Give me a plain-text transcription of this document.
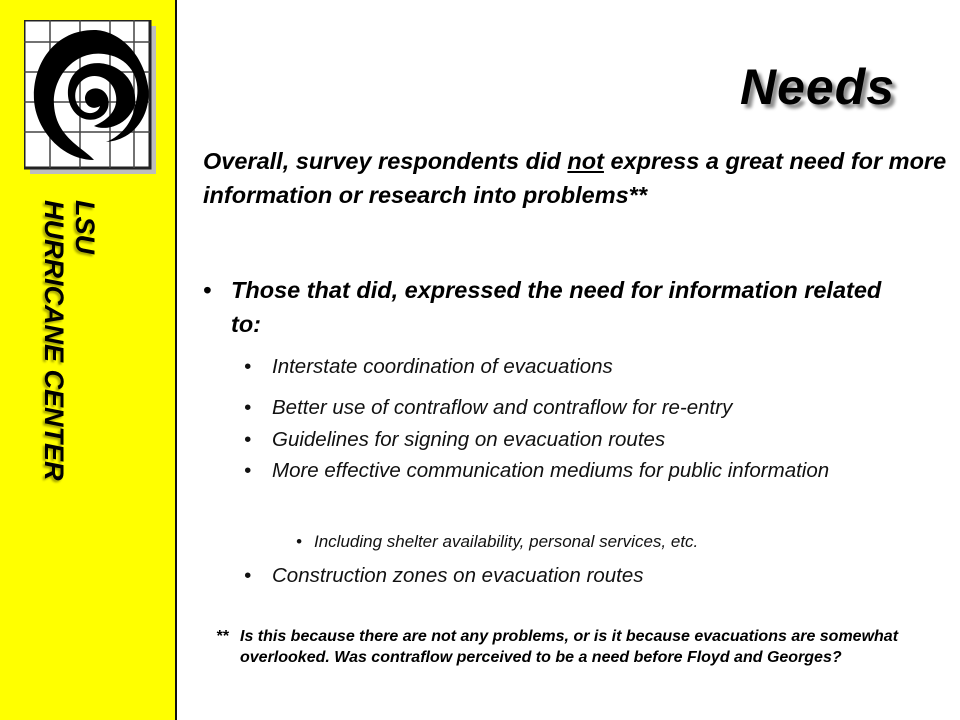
LSU
HURRICANE CENTER
Needs
Overall, survey respondents did not express a great need for more information or research into problems**
• Those that did, expressed the need for information related to:
•	Interstate coordination of evacuations
•	Better use of contraflow and contraflow for re-entry
•	Guidelines for signing on evacuation routes
•	More effective communication mediums for public information
• Including shelter availability, personal services, etc.
•	Construction zones on evacuation routes
** Is this because there are not any problems, or is it because evacuations are somewhat overlooked. Was contraflow perceived to be a need before Floyd and Georges?
